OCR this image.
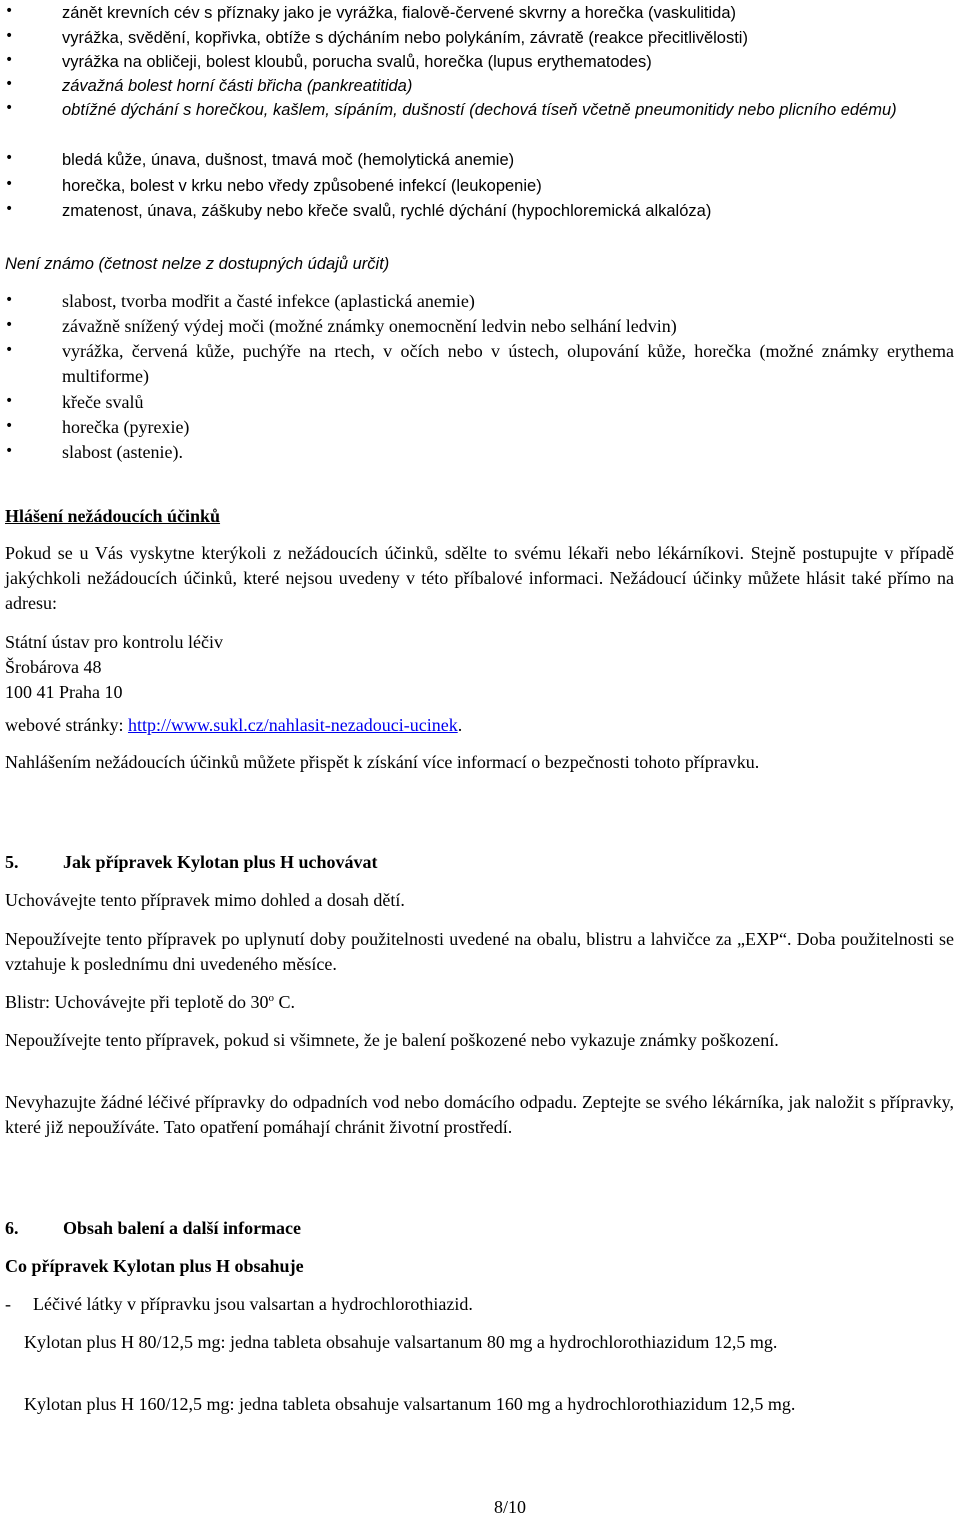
•	zánět krevních cév s příznaky jako je vyrážka, fialově-červené skvrny a horečka (vaskulitida)
•	vyrážka, svědění, kopřivka, obtíže s dýcháním nebo polykáním, závratě (reakce přecitlivělosti)
•	vyrážka na obličeji, bolest kloubů, porucha svalů, horečka (lupus erythematodes)
•	závažná bolest horní části břicha (pankreatitida)
•	obtížné dýchání s horečkou, kašlem, sípáním, dušností (dechová tíseň včetně pneumonitidy nebo plicního edému)
•	bledá kůže, únava, dušnost, tmavá moč (hemolytická anemie)
•	horečka, bolest v krku nebo vředy způsobené infekcí (leukopenie)
•	zmatenost, únava, záškuby nebo křeče svalů, rychlé dýchání (hypochloremická alkalóza)
Není známo (četnost nelze z dostupných údajů určit)
•	slabost, tvorba modřit a časté infekce (aplastická anemie)
•	závažně snížený výdej moči (možné známky onemocnění ledvin nebo selhání ledvin)
•	vyrážka, červená kůže, puchýře na rtech, v očích nebo v ústech, olupování kůže, horečka (možné známky erythema multiforme)
•	křeče svalů
•	horečka (pyrexie)
•	slabost (astenie).
Hlášení nežádoucích účinků
Pokud se u Vás vyskytne kterýkoli z nežádoucích účinků, sdělte to svému lékaři nebo lékárníkovi. Stejně postupujte v případě jakýchkoli nežádoucích účinků, které nejsou uvedeny v této příbalové informaci. Nežádoucí účinky můžete hlásit také přímo na adresu:
Státní ústav pro kontrolu léčiv
Šrobárova 48
100 41 Praha 10
webové stránky: http://www.sukl.cz/nahlasit-nezadouci-ucinek.
Nahlášením nežádoucích účinků můžete přispět k získání více informací o bezpečnosti tohoto přípravku.
5. Jak přípravek Kylotan plus H uchovávat
Uchovávejte tento přípravek mimo dohled a dosah dětí.
Nepoužívejte tento přípravek po uplynutí doby použitelnosti uvedené na obalu, blistru a lahvičce za „EXP“. Doba použitelnosti se vztahuje k poslednímu dni uvedeného měsíce.
Blistr: Uchovávejte při teplotě do 30$^o$ C.
Nepoužívejte tento přípravek, pokud si všimnete, že je balení poškozené nebo vykazuje známky poškození.
Nevyhazujte žádné léčivé přípravky do odpadních vod nebo domácího odpadu. Zeptejte se svého lékárníka, jak naložit s přípravky, které již nepoužíváte. Tato opatření pomáhají chránit životní prostředí.
6. Obsah balení a další informace
Co přípravek Kylotan plus H obsahuje
- Léčivé látky v přípravku jsou valsartan a hydrochlorothiazid.
Kylotan plus H 80/12,5 mg: jedna tableta obsahuje valsartanum 80 mg a hydrochlorothiazidum 12,5 mg.
Kylotan plus H 160/12,5 mg: jedna tableta obsahuje valsartanum 160 mg a hydrochlorothiazidum 12,5 mg.
8/10
